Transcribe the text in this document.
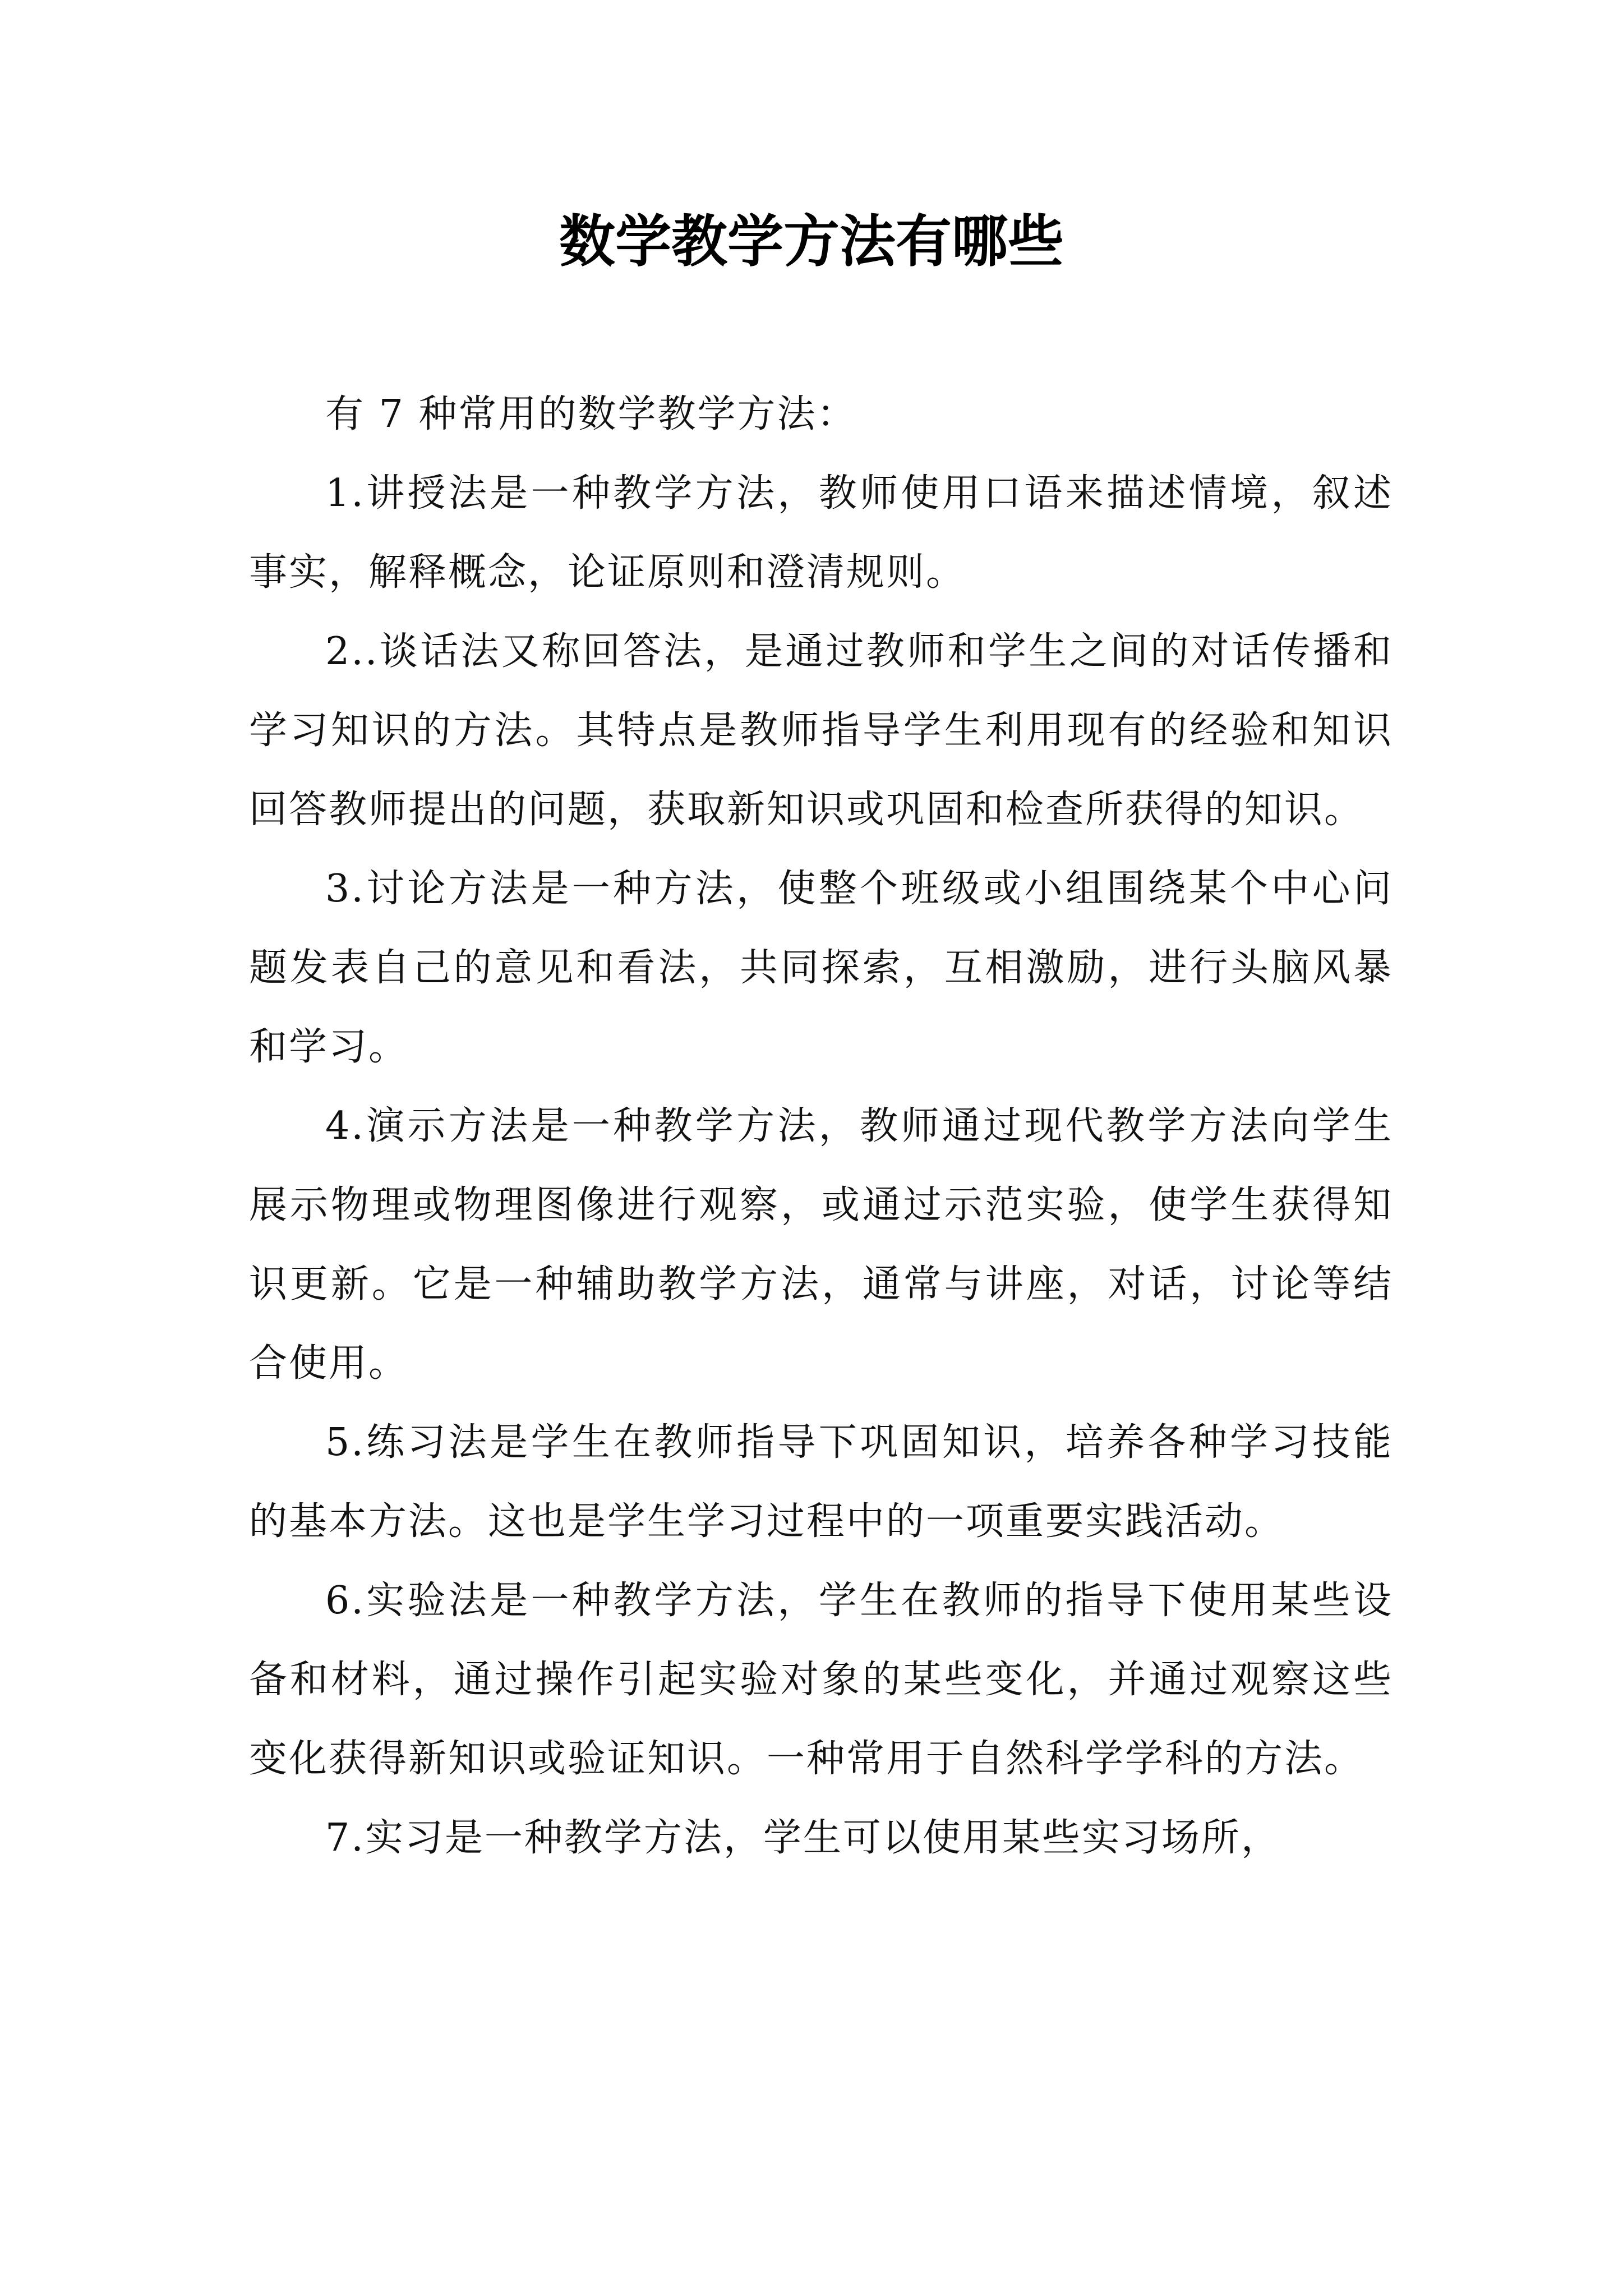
数学教学方法有哪些

有 7 种常用的数学教学方法：

1.讲授法是一种教学方法，教师使用口语来描述情境，叙述事实，解释概念，论证原则和澄清规则。

2..谈话法又称回答法，是通过教师和学生之间的对话传播和学习知识的方法。其特点是教师指导学生利用现有的经验和知识回答教师提出的问题，获取新知识或巩固和检查所获得的知识。

3.讨论方法是一种方法，使整个班级或小组围绕某个中心问题发表自己的意见和看法，共同探索，互相激励，进行头脑风暴和学习。

4.演示方法是一种教学方法，教师通过现代教学方法向学生展示物理或物理图像进行观察，或通过示范实验，使学生获得知识更新。它是一种辅助教学方法，通常与讲座，对话，讨论等结合使用。

5.练习法是学生在教师指导下巩固知识，培养各种学习技能的基本方法。这也是学生学习过程中的一项重要实践活动。

6.实验法是一种教学方法，学生在教师的指导下使用某些设备和材料，通过操作引起实验对象的某些变化，并通过观察这些变化获得新知识或验证知识。一种常用于自然科学学科的方法。

7.实习是一种教学方法，学生可以使用某些实习场所，
